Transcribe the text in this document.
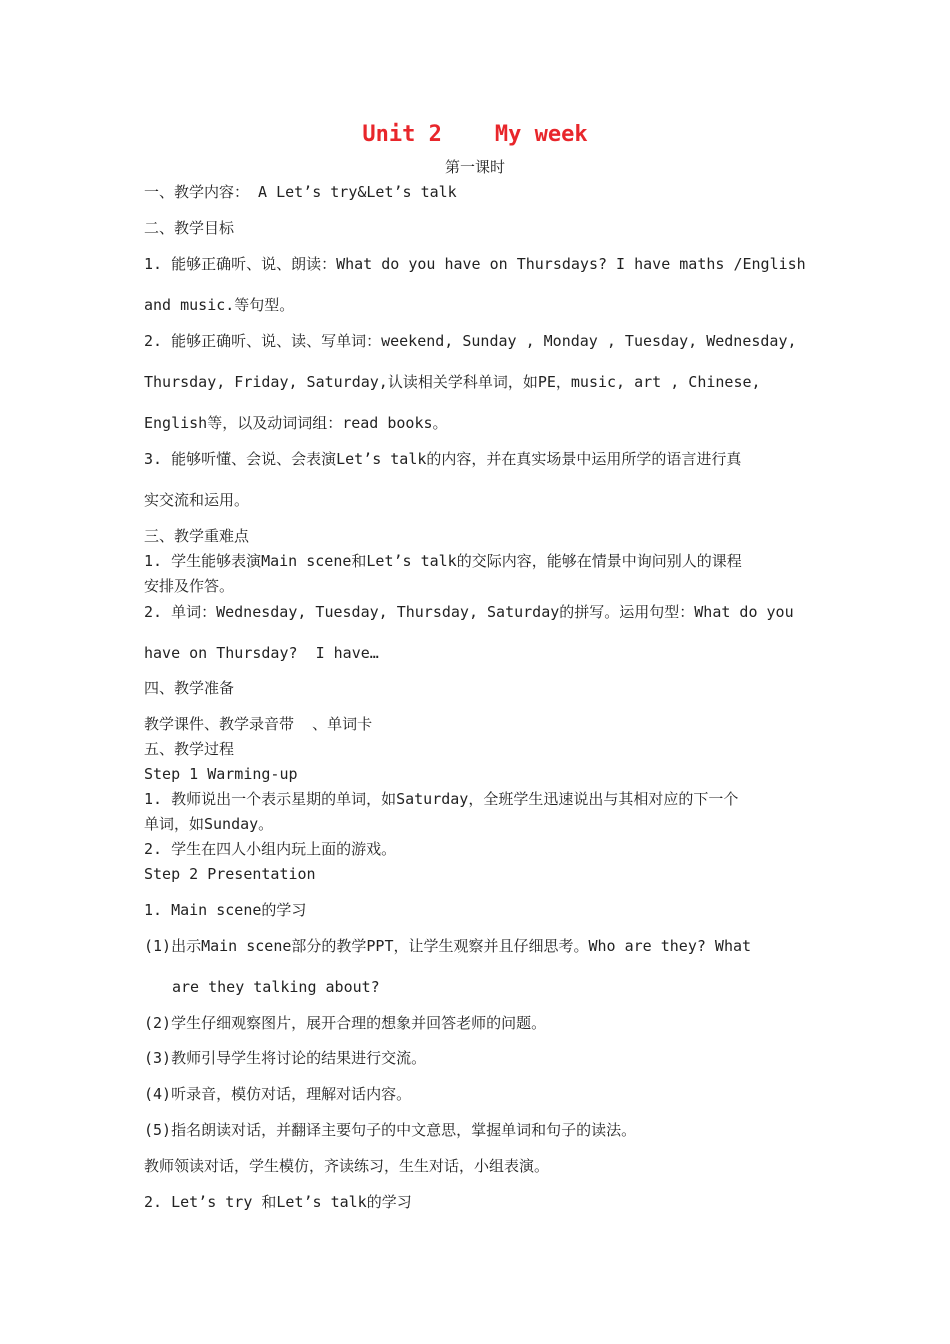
Unit 2    My week
第一课时
一、教学内容： A Let’s try&Let’s talk
二、教学目标
1. 能够正确听、说、朗读：What do you have on Thursdays? I have maths /English
and music.等句型。
2. 能够正确听、说、读、写单词：weekend, Sunday , Monday , Tuesday, Wednesday,
Thursday, Friday, Saturday,认读相关学科单词，如PE，music, art , Chinese,
English等，以及动词词组：read books。
3. 能够听懂、会说、会表演Let’s talk的内容，并在真实场景中运用所学的语言进行真
实交流和运用。
三、教学重难点
1. 学生能够表演Main scene和Let’s talk的交际内容，能够在情景中询问别人的课程
安排及作答。
2. 单词：Wednesday, Tuesday, Thursday, Saturday的拼写。运用句型：What do you
have on Thursday?  I have…
四、教学准备
教学课件、教学录音带  、单词卡
五、教学过程
Step 1 Warming-up
1. 教师说出一个表示星期的单词，如Saturday，全班学生迅速说出与其相对应的下一个
单词，如Sunday。
2. 学生在四人小组内玩上面的游戏。
Step 2 Presentation
1. Main scene的学习
(1)出示Main scene部分的教学PPT，让学生观察并且仔细思考。Who are they? What
are they talking about?
(2)学生仔细观察图片，展开合理的想象并回答老师的问题。
(3)教师引导学生将讨论的结果进行交流。
(4)听录音，模仿对话，理解对话内容。
(5)指名朗读对话，并翻译主要句子的中文意思，掌握单词和句子的读法。
教师领读对话，学生模仿，齐读练习，生生对话，小组表演。
2. Let’s try 和Let’s talk的学习
